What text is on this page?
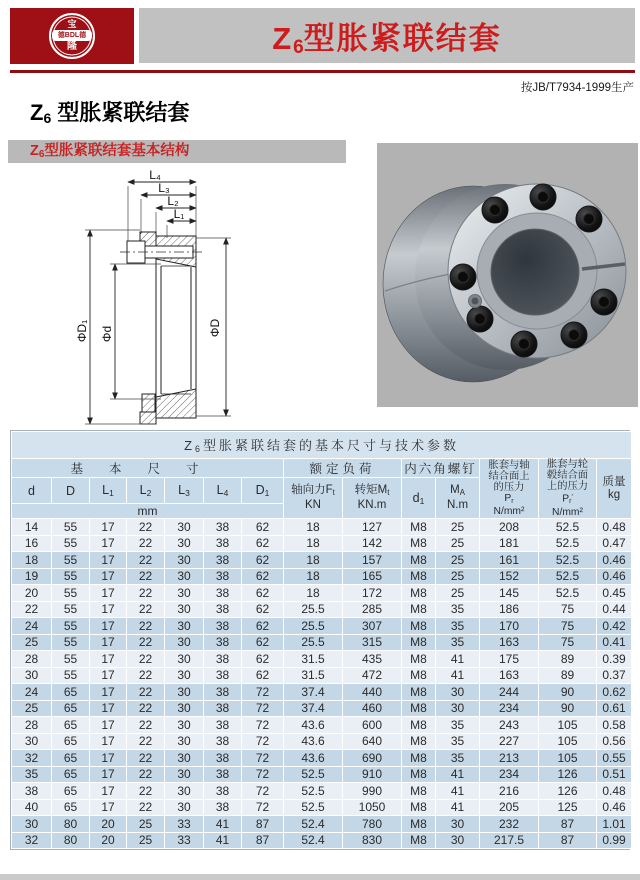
宝
德BDL德
隆	Z6型胀紧联结套
按JB/T7934-1999生产
Z6 型胀紧联结套
Z6型胀紧联结套基本结构
L₄
L₃
L₂
L₁
ΦD₁ Φd	ΦD
$Z_6$型胀紧联结套的基本尺寸与技术参数													
基本尺寸							额定负荷		内六角螺钉		胀套与轴
结合面上
的压力
$P_r$
N/mm²	胀套与轮
毂结合面
上的压力
$P_r'$
N/mm²	质量
kg
d	D	$L_1$	$L_2$	$L_3$	$L_4$	$D_1$	轴向力$F_t$
KN	转矩$M_t$
KN.m	$d_1$	$M_A$
N.m			
mm													
14	55	17	22	30	38	62	18	127	M8	25	208	52.5	0.48
16	55	17	22	30	38	62	18	142	M8	25	181	52.5	0.47
18	55	17	22	30	38	62	18	157	M8	25	161	52.5	0.46
19	55	17	22	30	38	62	18	165	M8	25	152	52.5	0.46
20	55	17	22	30	38	62	18	172	M8	25	145	52.5	0.45
22	55	17	22	30	38	62	25.5	285	M8	35	186	75	0.44
24	55	17	22	30	38	62	25.5	307	M8	35	170	75	0.42
25	55	17	22	30	38	62	25.5	315	M8	35	163	75	0.41
28	55	17	22	30	38	62	31.5	435	M8	41	175	89	0.39
30	55	17	22	30	38	62	31.5	472	M8	41	163	89	0.37
24	65	17	22	30	38	72	37.4	440	M8	30	244	90	0.62
25	65	17	22	30	38	72	37.4	460	M8	30	234	90	0.61
28	65	17	22	30	38	72	43.6	600	M8	35	243	105	0.58
30	65	17	22	30	38	72	43.6	640	M8	35	227	105	0.56
32	65	17	22	30	38	72	43.6	690	M8	35	213	105	0.55
35	65	17	22	30	38	72	52.5	910	M8	41	234	126	0.51
38	65	17	22	30	38	72	52.5	990	M8	41	216	126	0.48
40	65	17	22	30	38	72	52.5	1050	M8	41	205	125	0.46
30	80	20	25	33	41	87	52.4	780	M8	30	232	87	1.01
32	80	20	25	33	41	87	52.4	830	M8	30	217.5	87	0.99
